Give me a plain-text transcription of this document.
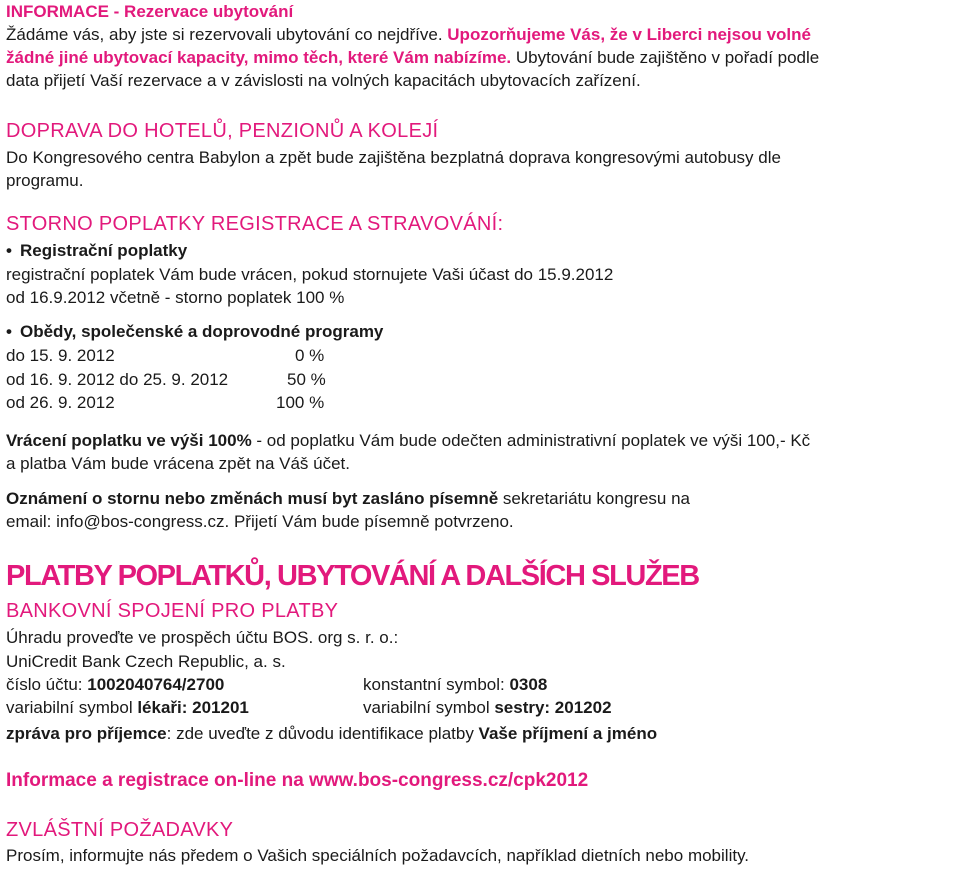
INFORMACE - Rezervace ubytování
Žádáme vás, aby jste si rezervovali ubytování co nejdříve. Upozorňujeme Vás, že v Liberci nejsou volné
žádné jiné ubytovací kapacity, mimo těch, které Vám nabízíme. Ubytování bude zajištěno v pořadí podle
data přijetí Vaší rezervace a v závislosti na volných kapacitách ubytovacích zařízení.
DOPRAVA DO HOTELŮ, PENZIONŮ A KOLEJÍ
Do Kongresového centra Babylon a zpět bude zajištěna bezplatná doprava kongresovými autobusy dle
programu.
STORNO POPLATKY REGISTRACE A STRAVOVÁNÍ:
• Registrační poplatky
registrační poplatek Vám bude vrácen, pokud stornujete Vaši účast do 15.9.2012
od 16.9.2012 včetně - storno poplatek 100 %
• Obědy, společenské a doprovodné programy
do 15. 9. 2012	0 %
od 16. 9. 2012 do 25. 9. 2012	50 %
od 26. 9. 2012	100 %
Vrácení poplatku ve výši 100% - od poplatku Vám bude odečten administrativní poplatek ve výši 100,- Kč
a platba Vám bude vrácena zpět na Váš účet.
Oznámení o stornu nebo změnách musí byt zasláno písemně sekretariátu kongresu na
email: info@bos-congress.cz. Přijetí Vám bude písemně potvrzeno.
PLATBY POPLATKŮ, UBYTOVÁNÍ A DALŠÍCH SLUŽEB
BANKOVNÍ SPOJENÍ PRO PLATBY
Úhradu proveďte ve prospěch účtu BOS. org s. r. o.:
UniCredit Bank Czech Republic, a. s.
číslo účtu: 1002040764/2700	konstantní symbol: 0308
variabilní symbol lékaři: 201201	variabilní symbol sestry: 201202
zpráva pro příjemce: zde uveďte z důvodu identifikace platby Vaše příjmení a jméno
Informace a registrace on-line na www.bos-congress.cz/cpk2012
ZVLÁŠTNÍ POŽADAVKY
Prosím, informujte nás předem o Vašich speciálních požadavcích, například dietních nebo mobility.
